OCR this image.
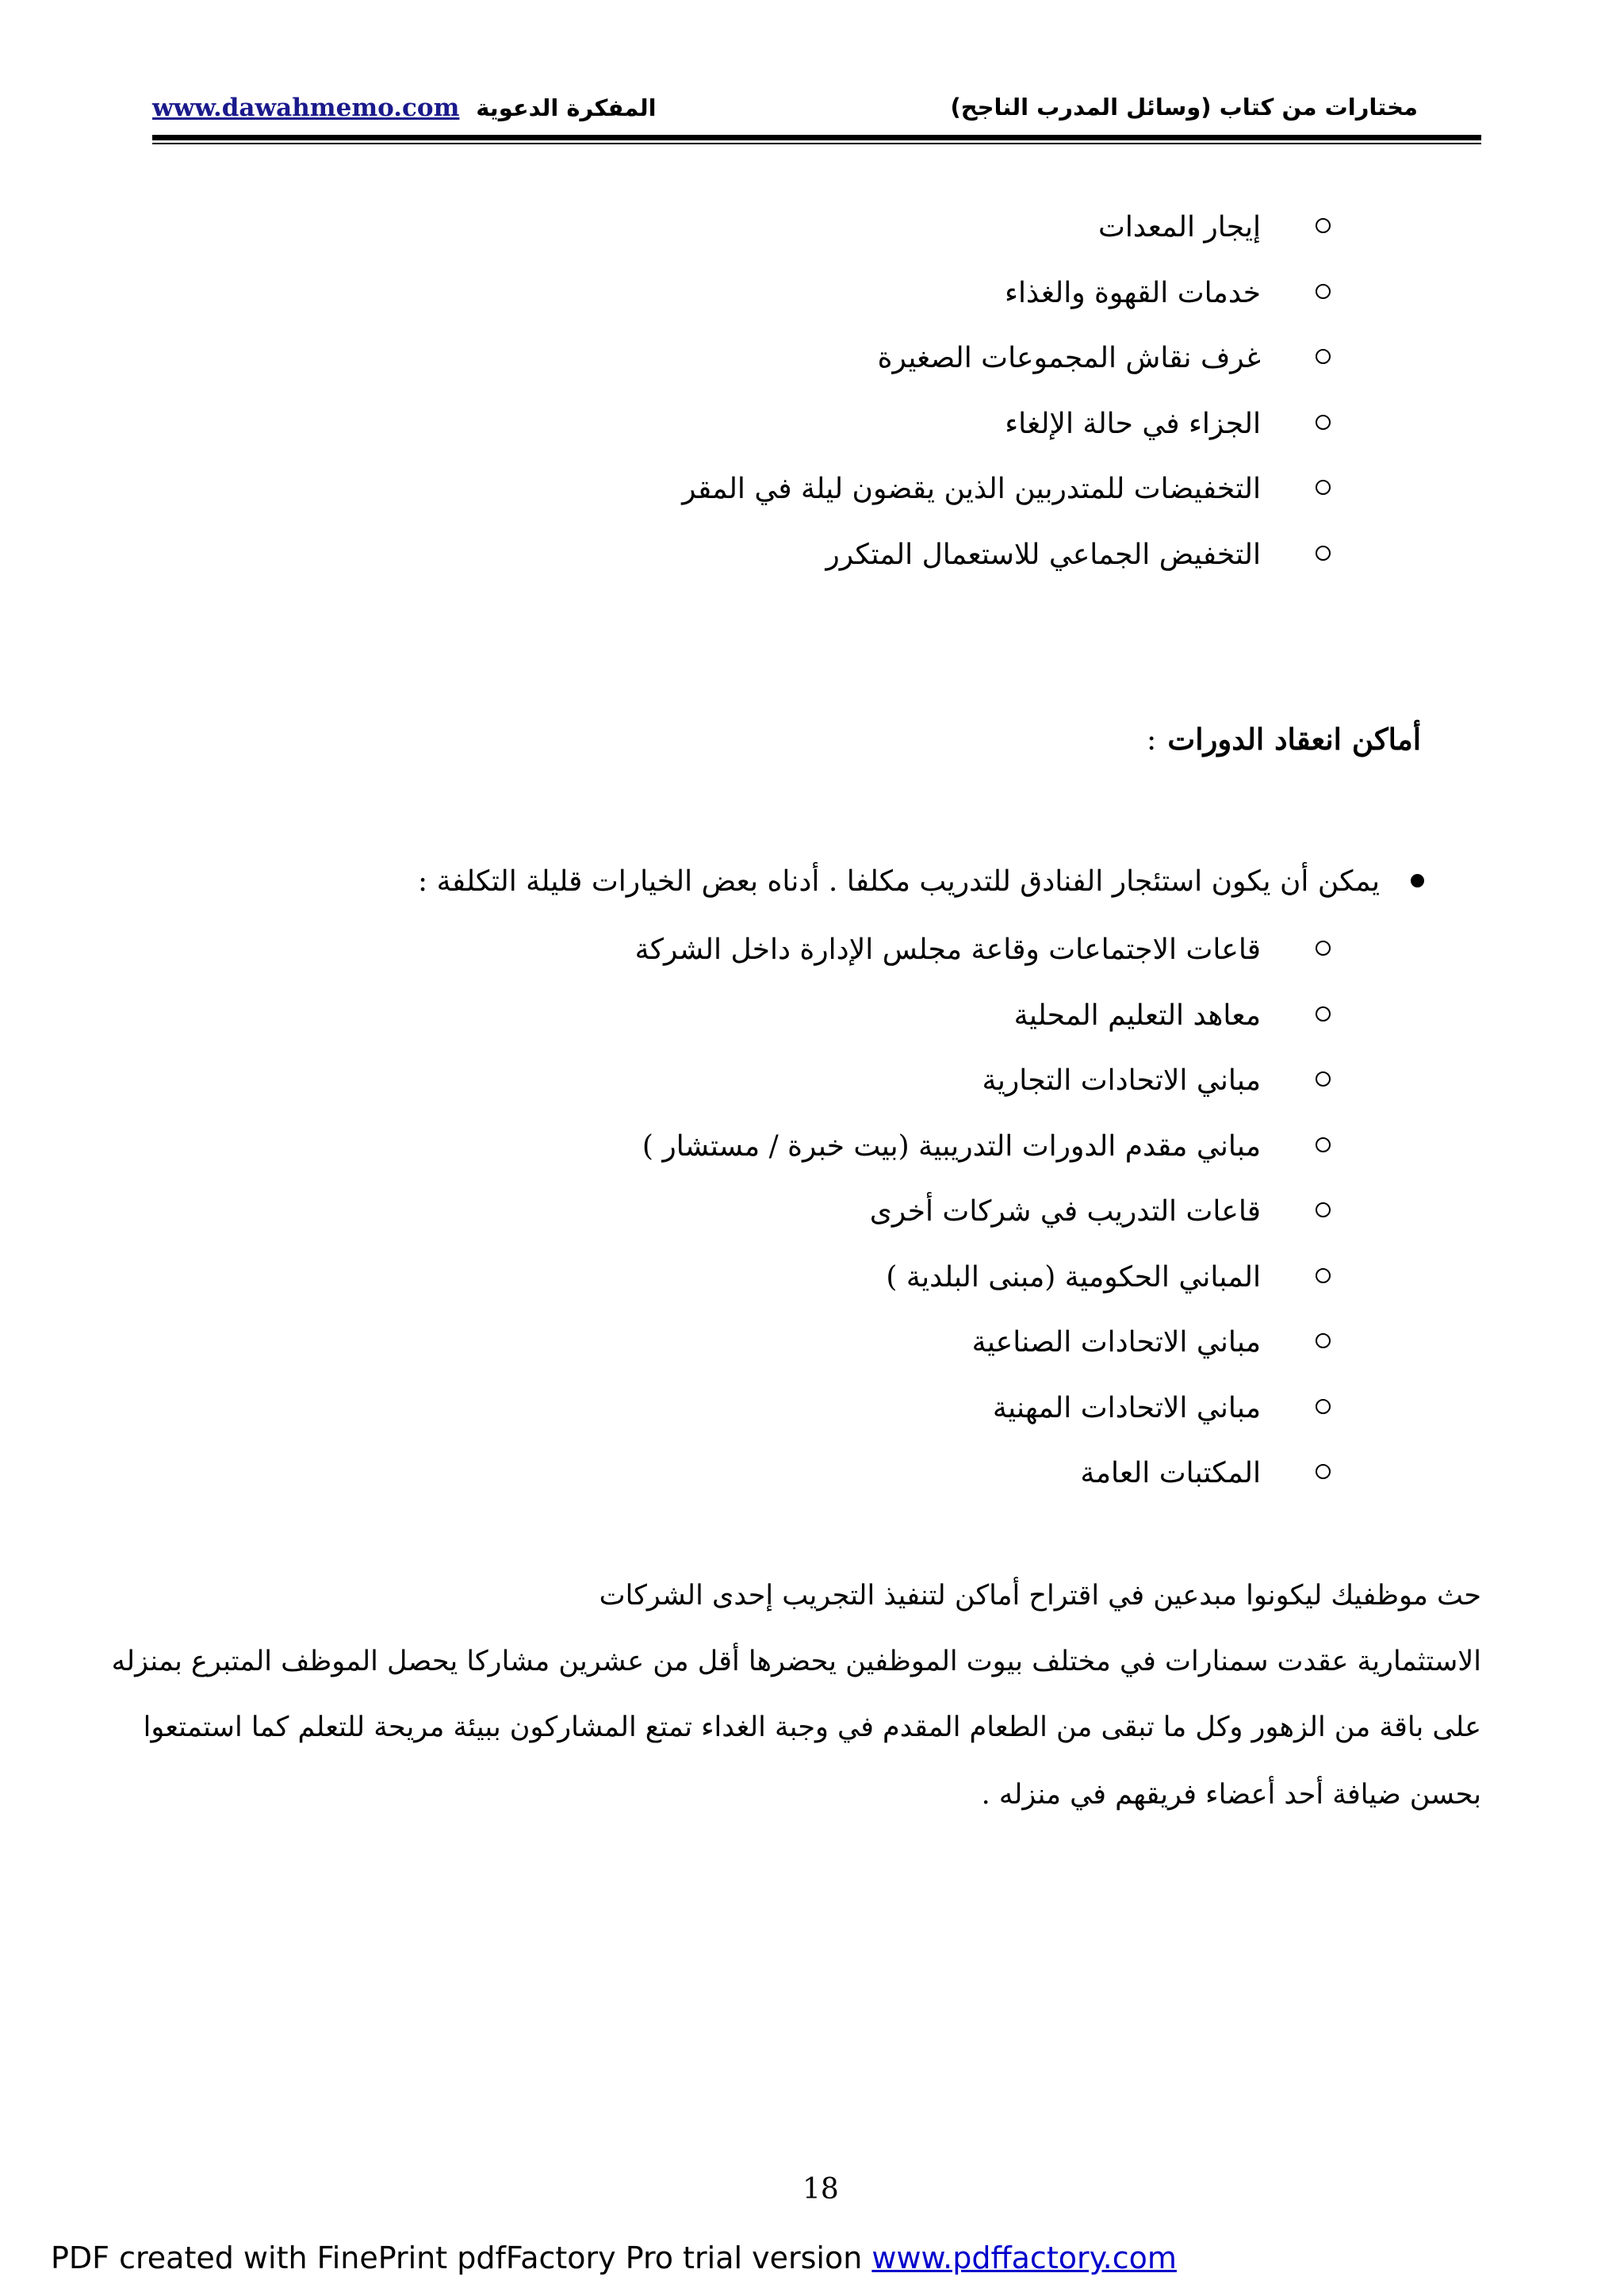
www.dawahmemo.com المفكرة الدعوية	مختارات من كتاب (وسائل المدرب الناجح)
إيجار المعدات
خدمات القهوة والغذاء
غرف نقاش المجموعات الصغيرة
الجزاء في حالة الإلغاء
التخفيضات للمتدربين الذين يقضون ليلة في المقر
التخفيض الجماعي للاستعمال المتكرر
أماكن انعقاد الدورات:
يمكن أن يكون استئجار الفنادق للتدريب مكلفا . أدناه بعض الخيارات قليلة التكلفة :
قاعات الاجتماعات وقاعة مجلس الإدارة داخل الشركة
معاهد التعليم المحلية
مباني الاتحادات التجارية
مباني مقدم الدورات التدريبية (بيت خبرة / مستشار )
قاعات التدريب في شركات أخرى
المباني الحكومية (مبنى البلدية )
مباني الاتحادات الصناعية
مباني الاتحادات المهنية
المكتبات العامة
حث موظفيك ليكونوا مبدعين في اقتراح أماكن لتنفيذ التجريب إحدى الشركات
الاستثمارية عقدت سمنارات في مختلف بيوت الموظفين يحضرها أقل من عشرين مشاركا يحصل الموظف المتبرع بمنزله
على باقة من الزهور وكل ما تبقى من الطعام المقدم في وجبة الغداء تمتع المشاركون ببيئة مريحة للتعلم كما استمتعوا
بحسن ضيافة أحد أعضاء فريقهم في منزله .
18
PDF created with FinePrint pdfFactory Pro trial version www.pdffactory.com
